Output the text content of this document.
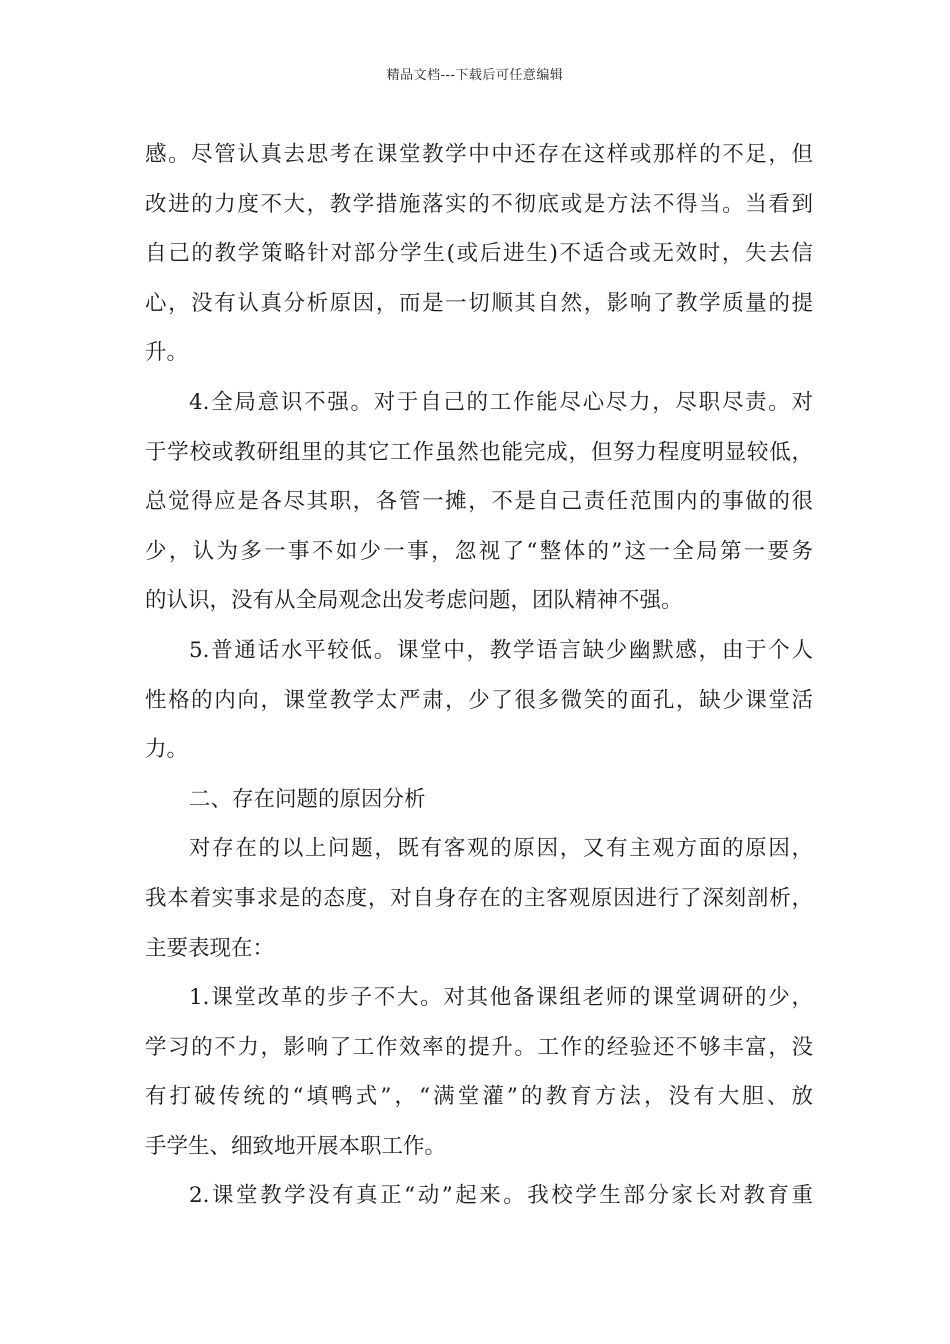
精品文档---下载后可任意编辑
感。尽管认真去思考在课堂教学中中还存在这样或那样的不足，但
改进的力度不大，教学措施落实的不彻底或是方法不得当。当看到
自己的教学策略针对部分学生(或后进生)不适合或无效时，失去信
心，没有认真分析原因，而是一切顺其自然，影响了教学质量的提
升。
4.全局意识不强。对于自己的工作能尽心尽力，尽职尽责。对
于学校或教研组里的其它工作虽然也能完成，但努力程度明显较低，
总觉得应是各尽其职，各管一摊，不是自己责任范围内的事做的很
少，认为多一事不如少一事，忽视了“整体的”这一全局第一要务
的认识，没有从全局观念出发考虑问题，团队精神不强。
5.普通话水平较低。课堂中，教学语言缺少幽默感，由于个人
性格的内向，课堂教学太严肃，少了很多微笑的面孔，缺少课堂活
力。
二、存在问题的原因分析
对存在的以上问题，既有客观的原因，又有主观方面的原因，
我本着实事求是的态度，对自身存在的主客观原因进行了深刻剖析，
主要表现在：
1.课堂改革的步子不大。对其他备课组老师的课堂调研的少，
学习的不力，影响了工作效率的提升。工作的经验还不够丰富，没
有打破传统的“填鸭式”，“满堂灌”的教育方法，没有大胆、放
手学生、细致地开展本职工作。
2.课堂教学没有真正“动”起来。我校学生部分家长对教育重
